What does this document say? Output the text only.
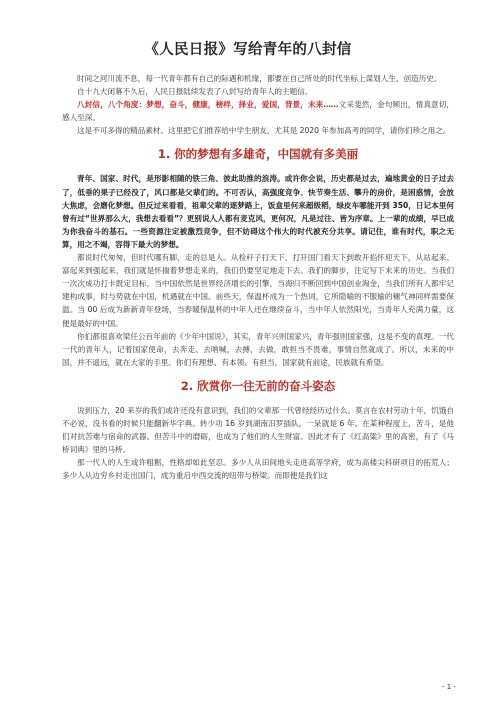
《人民日报》写给青年的八封信

时间之河川流不息，每一代青年都有自己的际遇和机缘，都要在自己所处的时代坐标上谋划人生、创造历史。

自十九大闭幕不久后，人民日报陆续发表了八封写给青年人的主题信。

八封信，八个角度：梦想，奋斗，健康，榜样，择业，爱国，背景，未来……文采斐然，金句频出，情真意切，感人至深。

这是不可多得的精品素材。这里把它们推荐给中学生朋友，尤其是 2020 年参加高考的同学，请你们珍之用之。

1. 你的梦想有多雄奇，中国就有多美丽

青年、国家、时代，是形影相随的铁三角、彼此助推的浪涛。或许你会说，历史都是过去，遍地黄金的日子过去了，低垂的果子已经没了，风口都是父辈们的。不可否认，高强度竞争、快节奏生活、攀升的房价，是困惑情，会放大焦虑，会磨化梦想。但反过来看看，祖辈父辈的逐梦路上，饭盒里何来超级稻，绿皮车哪能开到 350，日记本里何曾有过“世界那么大，我想去看看”？更别说人人都有麦克风，更何况，凡是过往、皆为序章。上一辈的成绩，早已成为你我奋斗的基石。一些资源注定被激烈竞争，但不妨碍这个伟大的时代被充分共享。请记住，谁有时代，职之无算，用之不竭，容得下最大的梦想。

都说时代匆匆，但时代哪有脚，走的总是人。从检秆子打天下、打开国门看天下到敢开掐怀迎天下，从站起来、富起来到强起来，我们就是怀揣着梦想走来的，我们仍要坚定地走下去。我们的脚步，注定写下未来的历史。当我们一次次成功打卡既定目标，当中国依然是世界经济增长的引擎，当海归不断回到中国创业淘金，当我们所有人都牢记建构成事，时与势就在中国，机遇就在中国。前些天，保温杯成为一个热词，它所隐喻的不服输的穗气神同样需要保温。当 00 后成为新新青年登场，当春暖保温杯的中年人还在继续奋斗，当中年人依然阳光，当青年人充满力量，这便是最好的中国。

你们都很喜欢梁任公百年前的《少年中国说》，其实，青年兴则国家兴，青年强则国家强，这是不变的真理。一代一代的青年人，记着国家使命，去奔走、去呐喊，去搏，去做，敢担当不畏难，事情自然就成了。所以，未来的中国，并不遥远，就在大家的手里。你们有理想、有本领、有担当，国家就有前途，民族就有希望。

2. 欣赏你一往无前的奋斗姿态

说到压力，20 来岁的我们或许还没有意识到，我们的父辈那一代曾经经历过什么。莫言在农村劳动十年，饥饿自不必说，没书看的时候只能翻新华字典。转少功 16 岁到湖南汨罗插队，一呆就是 6 年。在某种程度上，苦斗，是他们对抗苦难与宿命的武器。但苦斗中的磨砺，也成为了他们的人生财富。因此才有了《红高粱》里的高密，有了《马桥词典》里的马桥。

那一代人的人生或许粗粝，性格却如此坚忍。多少人从田间地头走进高等学府，成为高楼尖科研项目的拓荒人；多少人从边穷乡村走出国门，成为重启中西交流的纽带与桥梁。而即便是我们这

- 1 -
